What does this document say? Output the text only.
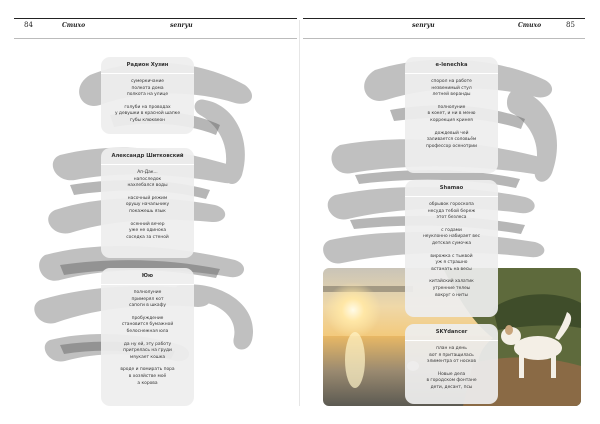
84	Стихо	senryu	senryu	Стихо	85
Радион Хузин
сумеркичание
полкота дома
полкота на улице
голуби на проводах
у девушки в красной шапке
губы клюквеон
Александр Шитковский
Ап-Дак...
напоследок
нахлебался воды
насочный режим
орушу начальнику
покажешь язык
осенний вечер
уже не одинока
соседка за стеной
Юю
полнолуние
примерял кот
сапоги в шкафу
пробуждение
становится бумажной
белоснежная юла
да ну ей, эту работу
пригрелась на груди
мяукает кошка
вроде и помирать пора
в хозяйстве моё
а корова
e-lenechka
спорол на работе
незвенимый стул
летней веранды
полнолуние
в кокет, и ни в меню
коррекция кринея
дождевый чей
заливается соловьём
профессор осенотрии
Shamao
обрывок гороскопа
несуда тебой береж
этот безлеса
с годами
неуклонно набирает вес
детская сумочка
вирожка с тыквой
уж я страшно
встанать на весы
китайский халатик
утренние телеы
вокруг о ниты
SKYdancer
план на день
вот я притащилась
элиментра от носков
Новые дела
в городском фонтане
дети, десант, псы
